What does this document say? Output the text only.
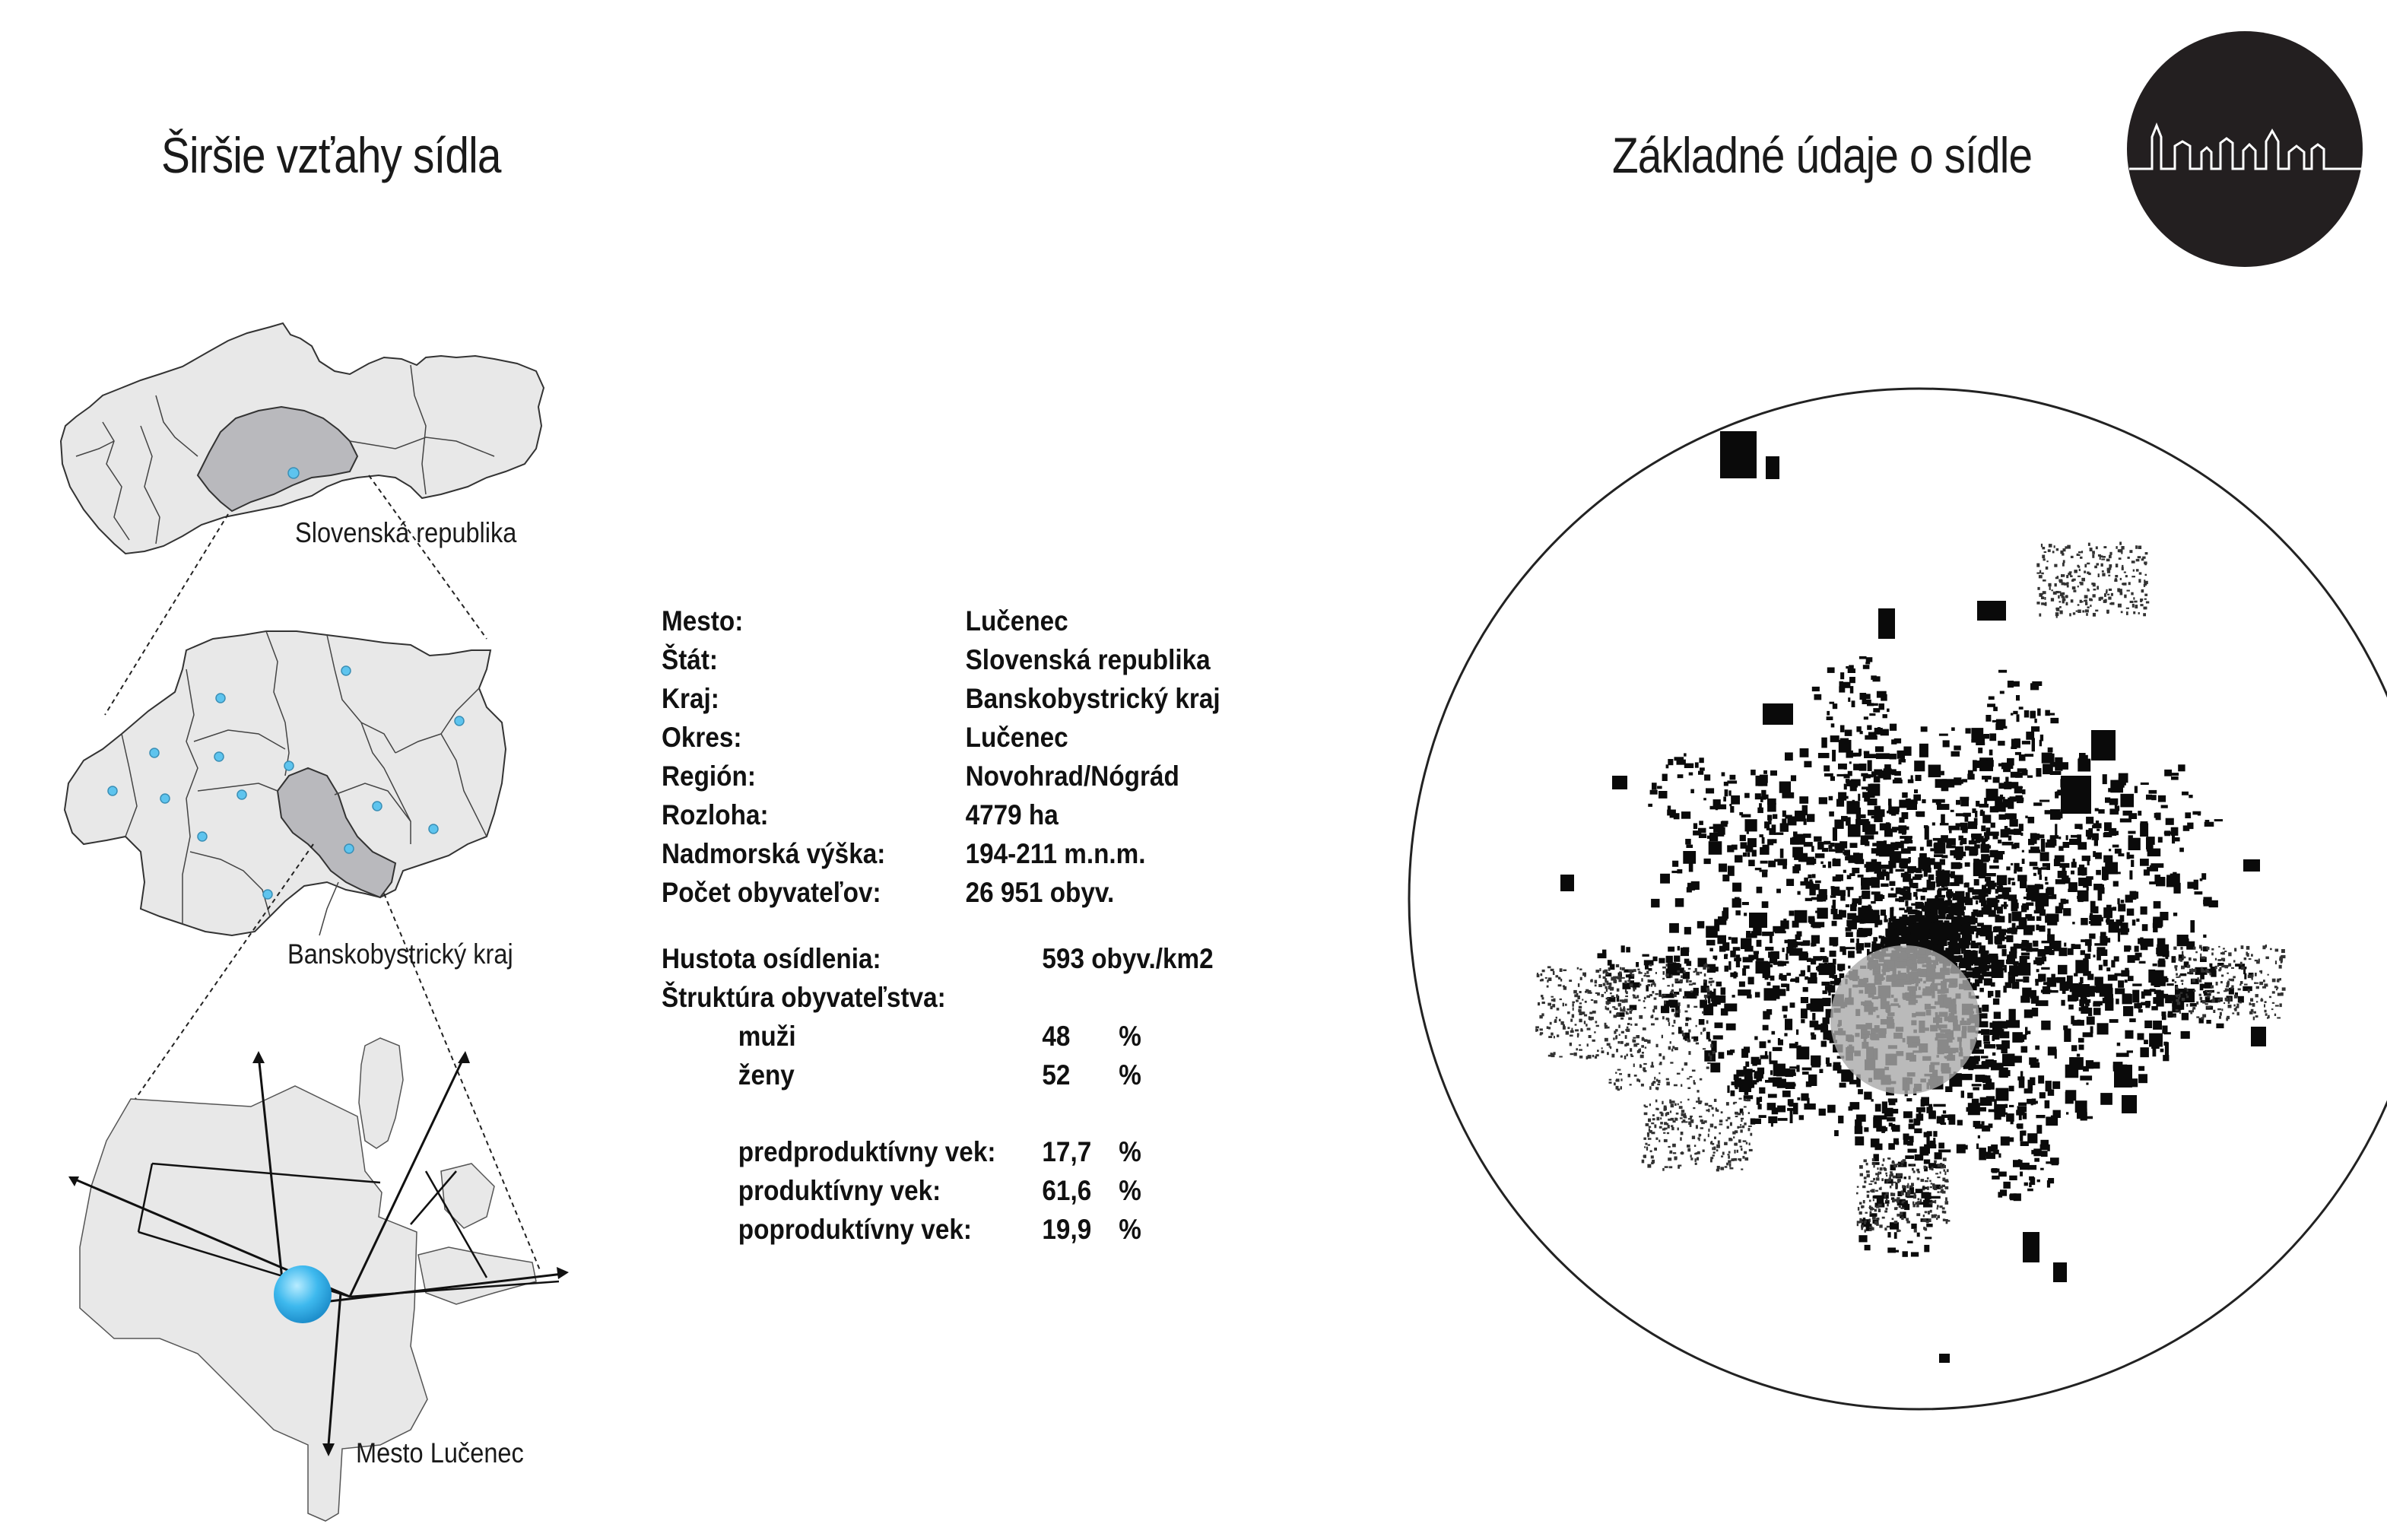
Širšie vzťahy sídla	Základné údaje o sídle
Slovenská republika
Banskobystrický kraj
Mesto Lučenec
Mesto:	Lučenec
Štát:	Slovenská republika
Kraj:	Banskobystrický kraj
Okres:	Lučenec
Región:	Novohrad/Nógrád
Rozloha:	4779 ha
Nadmorská výška:	194-211 m.n.m.
Počet obyvateľov:	26 951 obyv.
Hustota osídlenia:	593 obyv./km2
Štruktúra obyvateľstva:
muži	48 %
ženy	52 %
predproduktívny vek: 17,7 %
produktívny vek:	61,6 %
poproduktívny vek: 19,9 %
